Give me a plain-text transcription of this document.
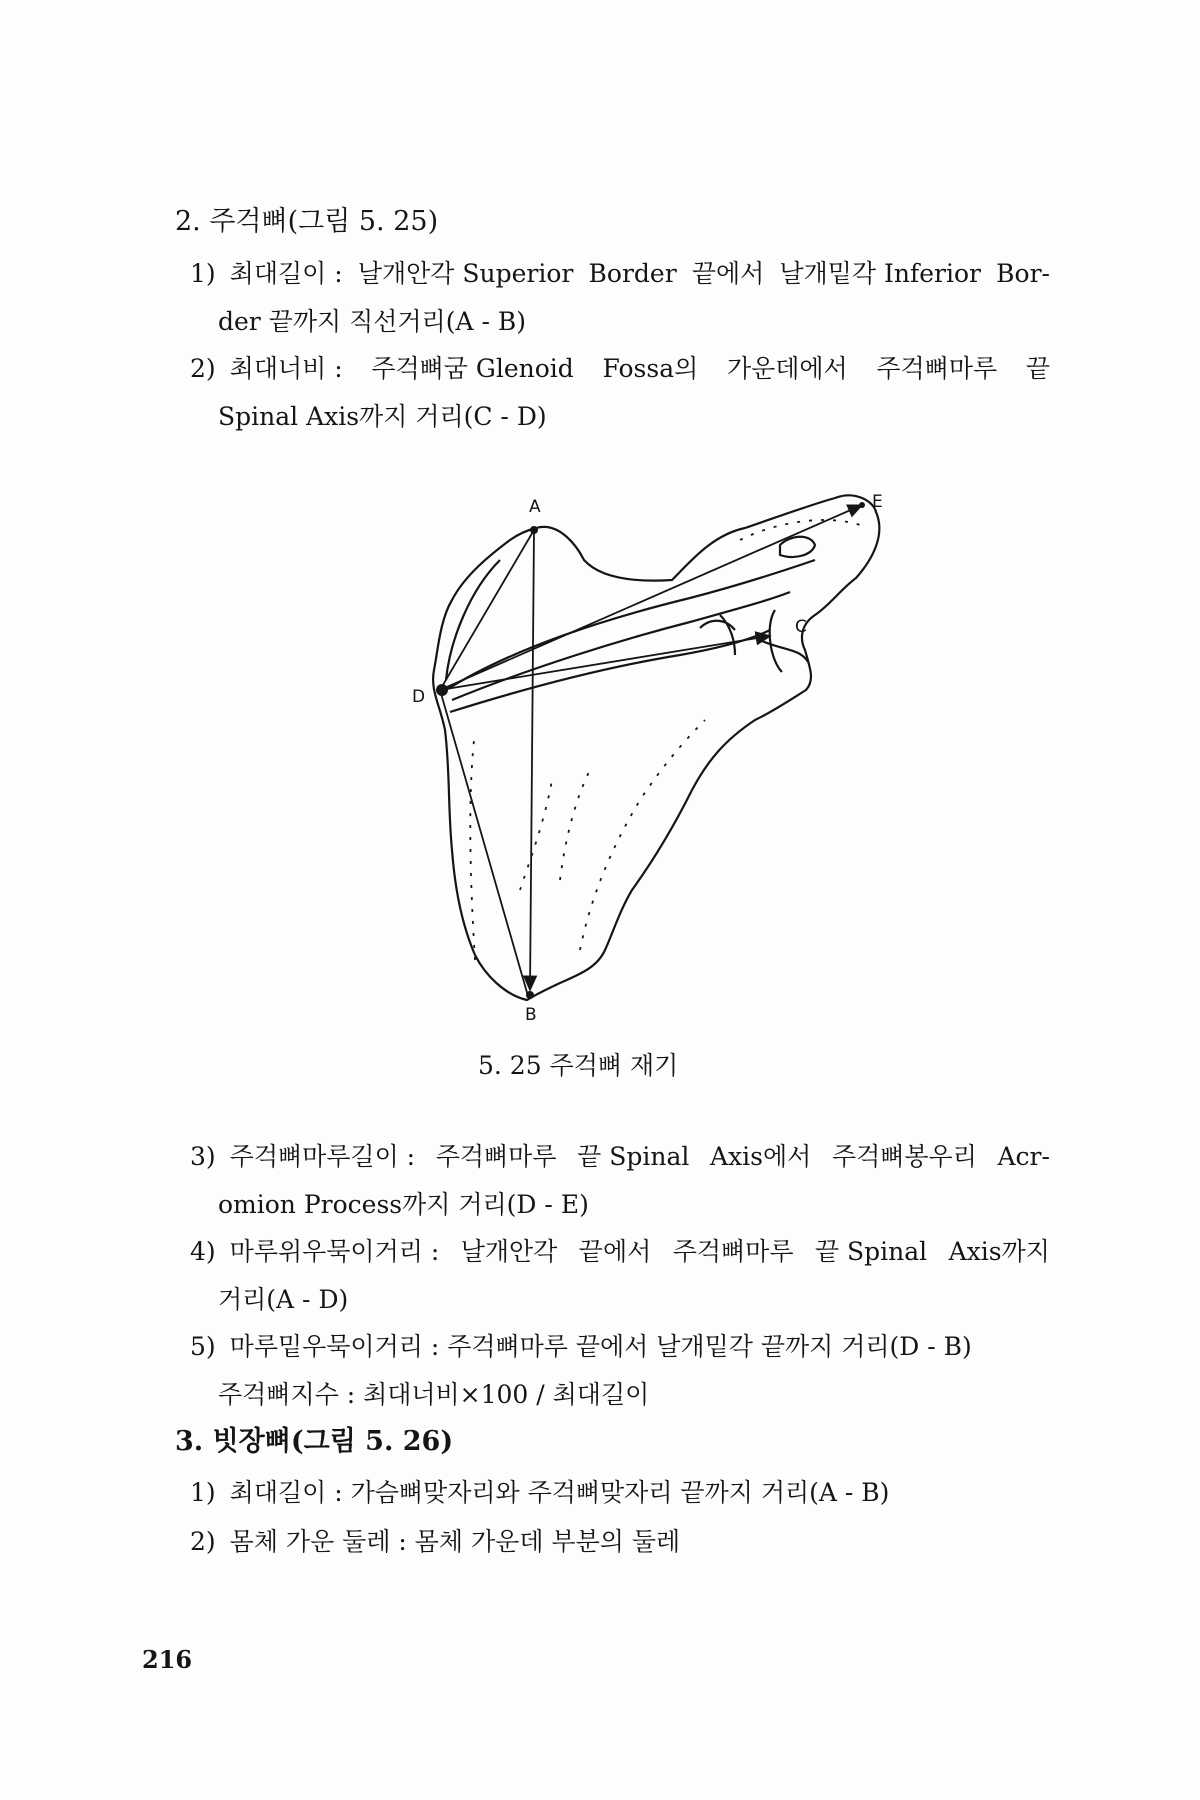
2. 주걱뼈(그림 5. 25)
1) 최대길이 : 날개안각 Superior Border 끝에서 날개밑각 Inferior Bor-
der 끝까지 직선거리(A - B)
2) 최대너비 : 주걱뼈굼 Glenoid Fossa의 가운데에서 주걱뼈마루 끝
Spinal Axis까지 거리(C - D)
A
B
C
D
E
5. 25 주걱뼈 재기
3) 주걱뼈마루길이 : 주걱뼈마루 끝 Spinal Axis에서 주걱뼈봉우리 Acr-
omion Process까지 거리(D - E)
4) 마루위우묵이거리 : 날개안각 끝에서 주걱뼈마루 끝 Spinal Axis까지
거리(A - D)
5) 마루밑우묵이거리 : 주걱뼈마루 끝에서 날개밑각 끝까지 거리(D - B)
주걱뼈지수 : 최대너비×100 / 최대길이
3. 빗장뼈(그림 5. 26)
1) 최대길이 : 가슴뼈맞자리와 주걱뼈맞자리 끝까지 거리(A - B)
2) 몸체 가운 둘레 : 몸체 가운데 부분의 둘레
216
